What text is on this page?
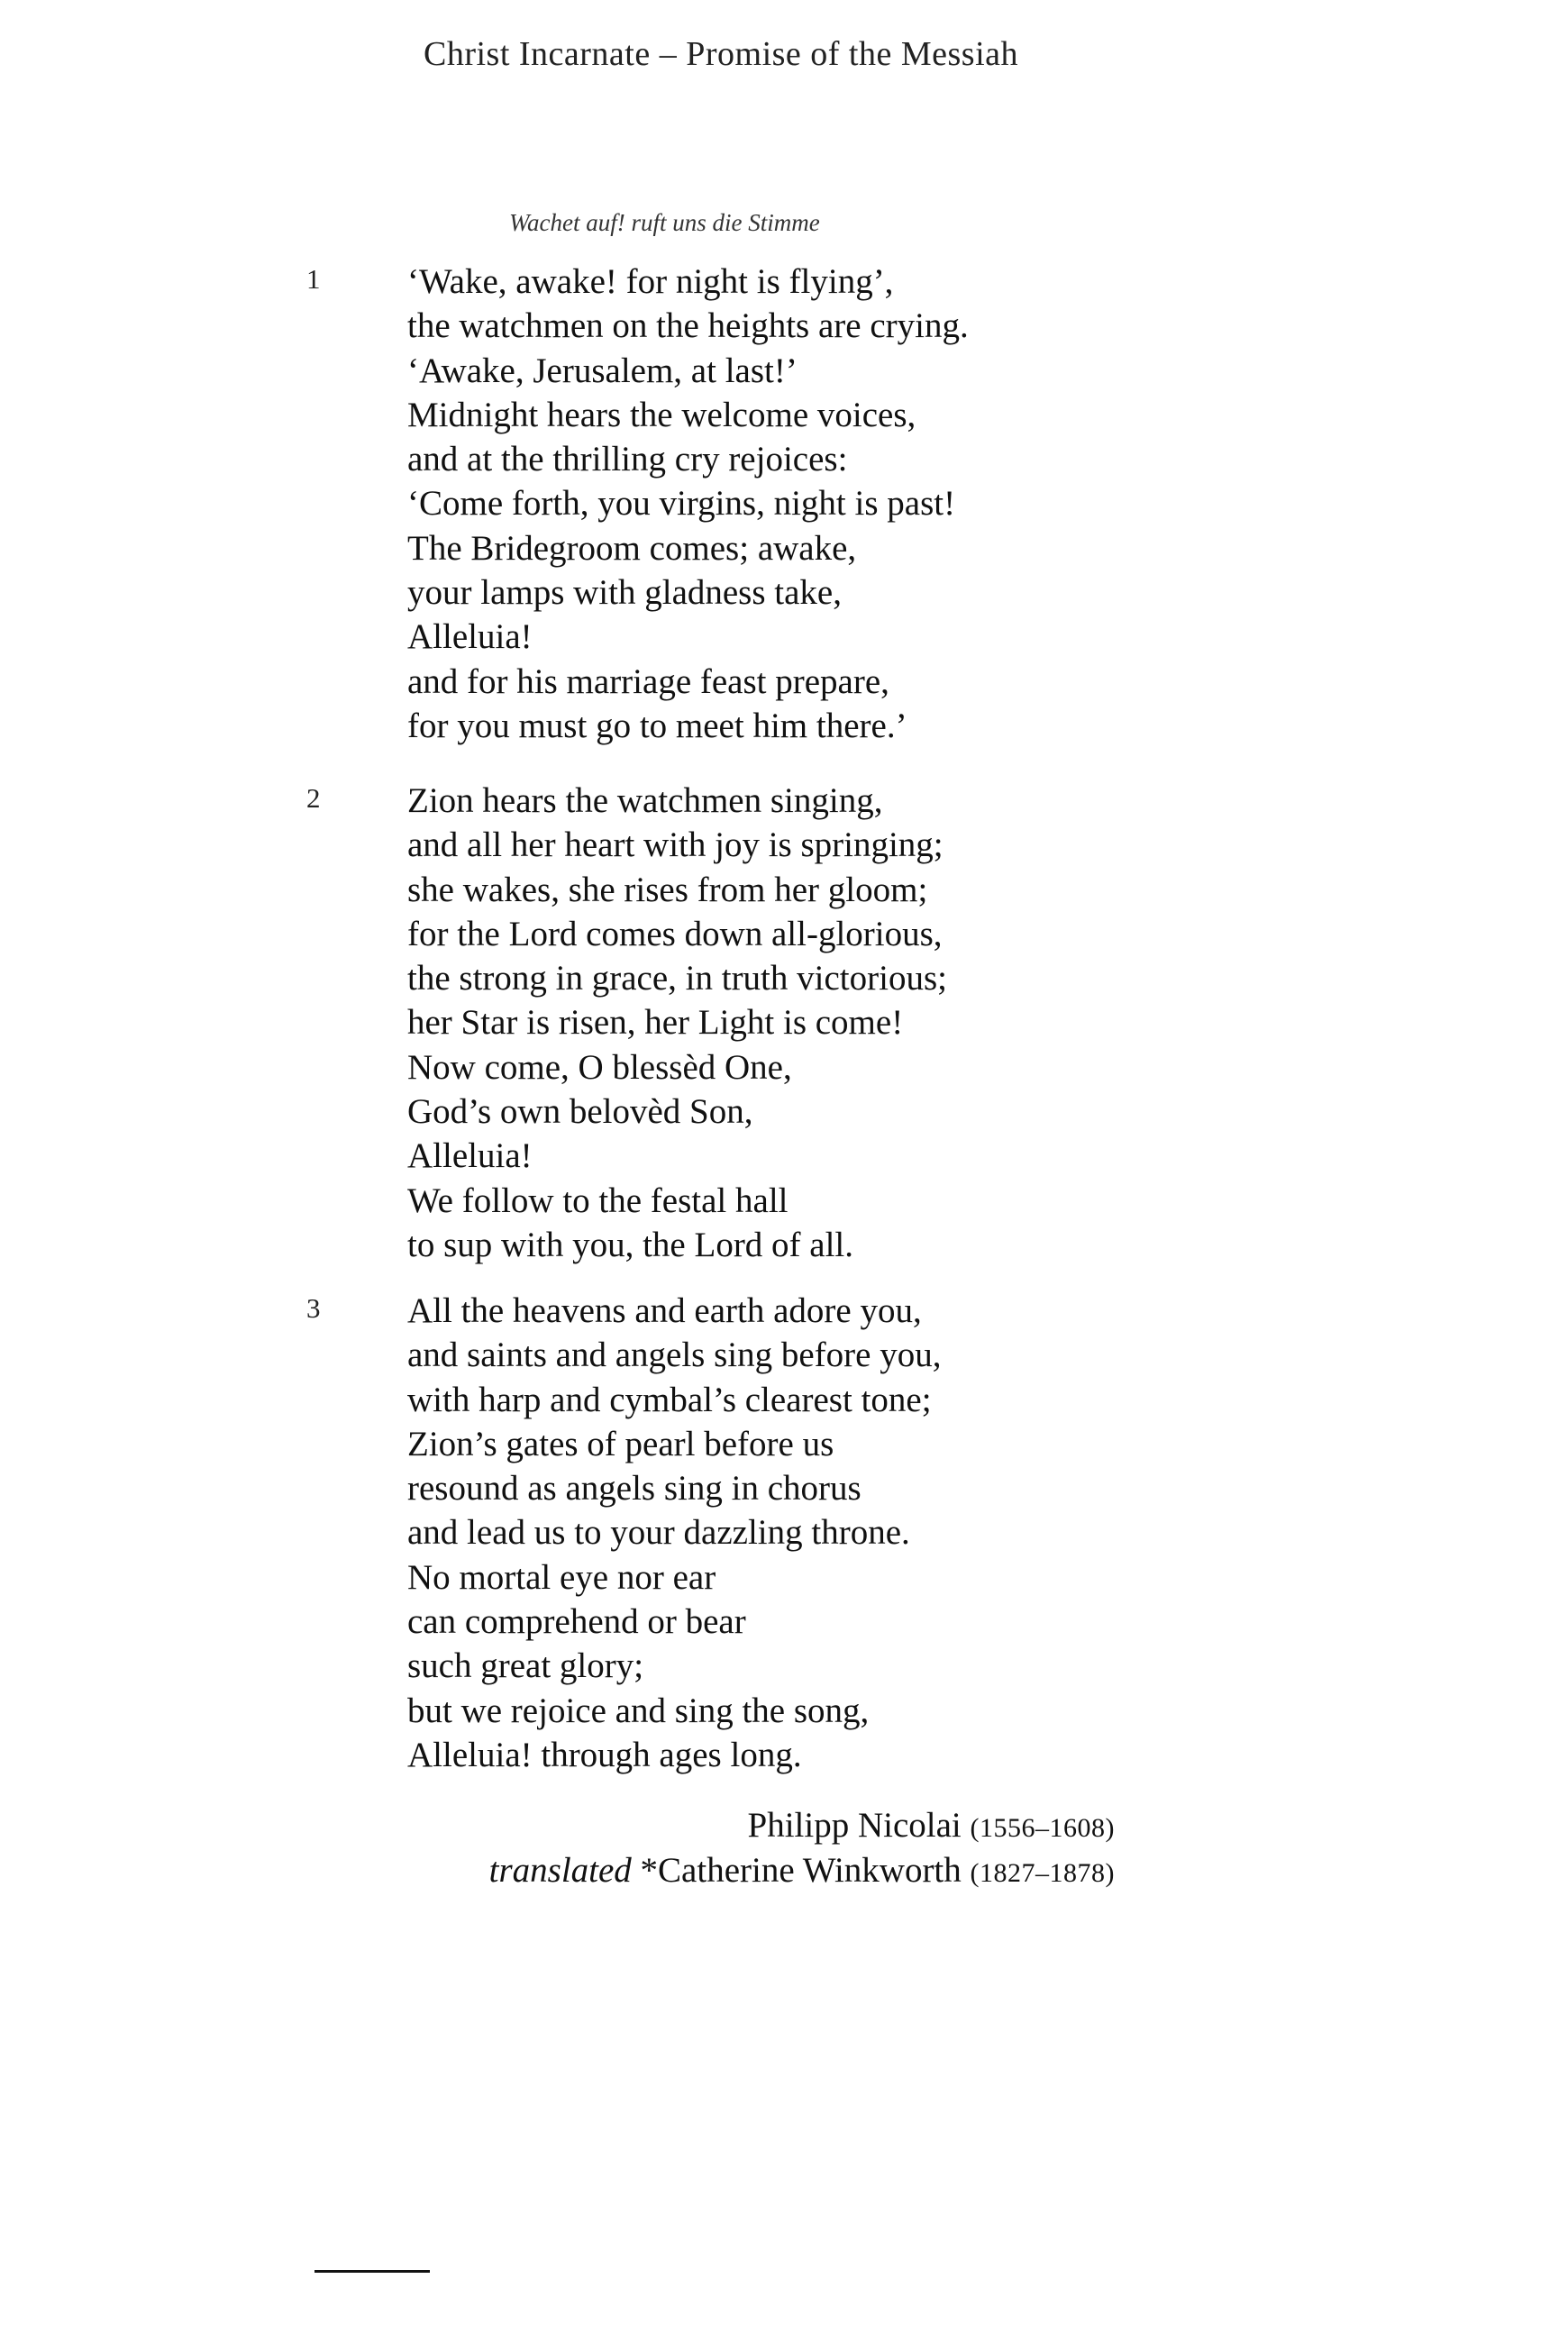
Christ Incarnate – Promise of the Messiah
Wachet auf! ruft uns die Stimme
1 ‘Wake, awake! for night is flying’,
the watchmen on the heights are crying.
‘Awake, Jerusalem, at last!’
Midnight hears the welcome voices,
and at the thrilling cry rejoices:
‘Come forth, you virgins, night is past!
The Bridegroom comes; awake,
your lamps with gladness take,
Alleluia!
and for his marriage feast prepare,
for you must go to meet him there.’
2 Zion hears the watchmen singing,
and all her heart with joy is springing;
she wakes, she rises from her gloom;
for the Lord comes down all-glorious,
the strong in grace, in truth victorious;
her Star is risen, her Light is come!
Now come, O blessèd One,
God’s own belovèd Son,
Alleluia!
We follow to the festal hall
to sup with you, the Lord of all.
3 All the heavens and earth adore you,
and saints and angels sing before you,
with harp and cymbal’s clearest tone;
Zion’s gates of pearl before us
resound as angels sing in chorus
and lead us to your dazzling throne.
No mortal eye nor ear
can comprehend or bear
such great glory;
but we rejoice and sing the song,
Alleluia! through ages long.
Philipp Nicolai (1556–1608)
translated *Catherine Winkworth (1827–1878)
